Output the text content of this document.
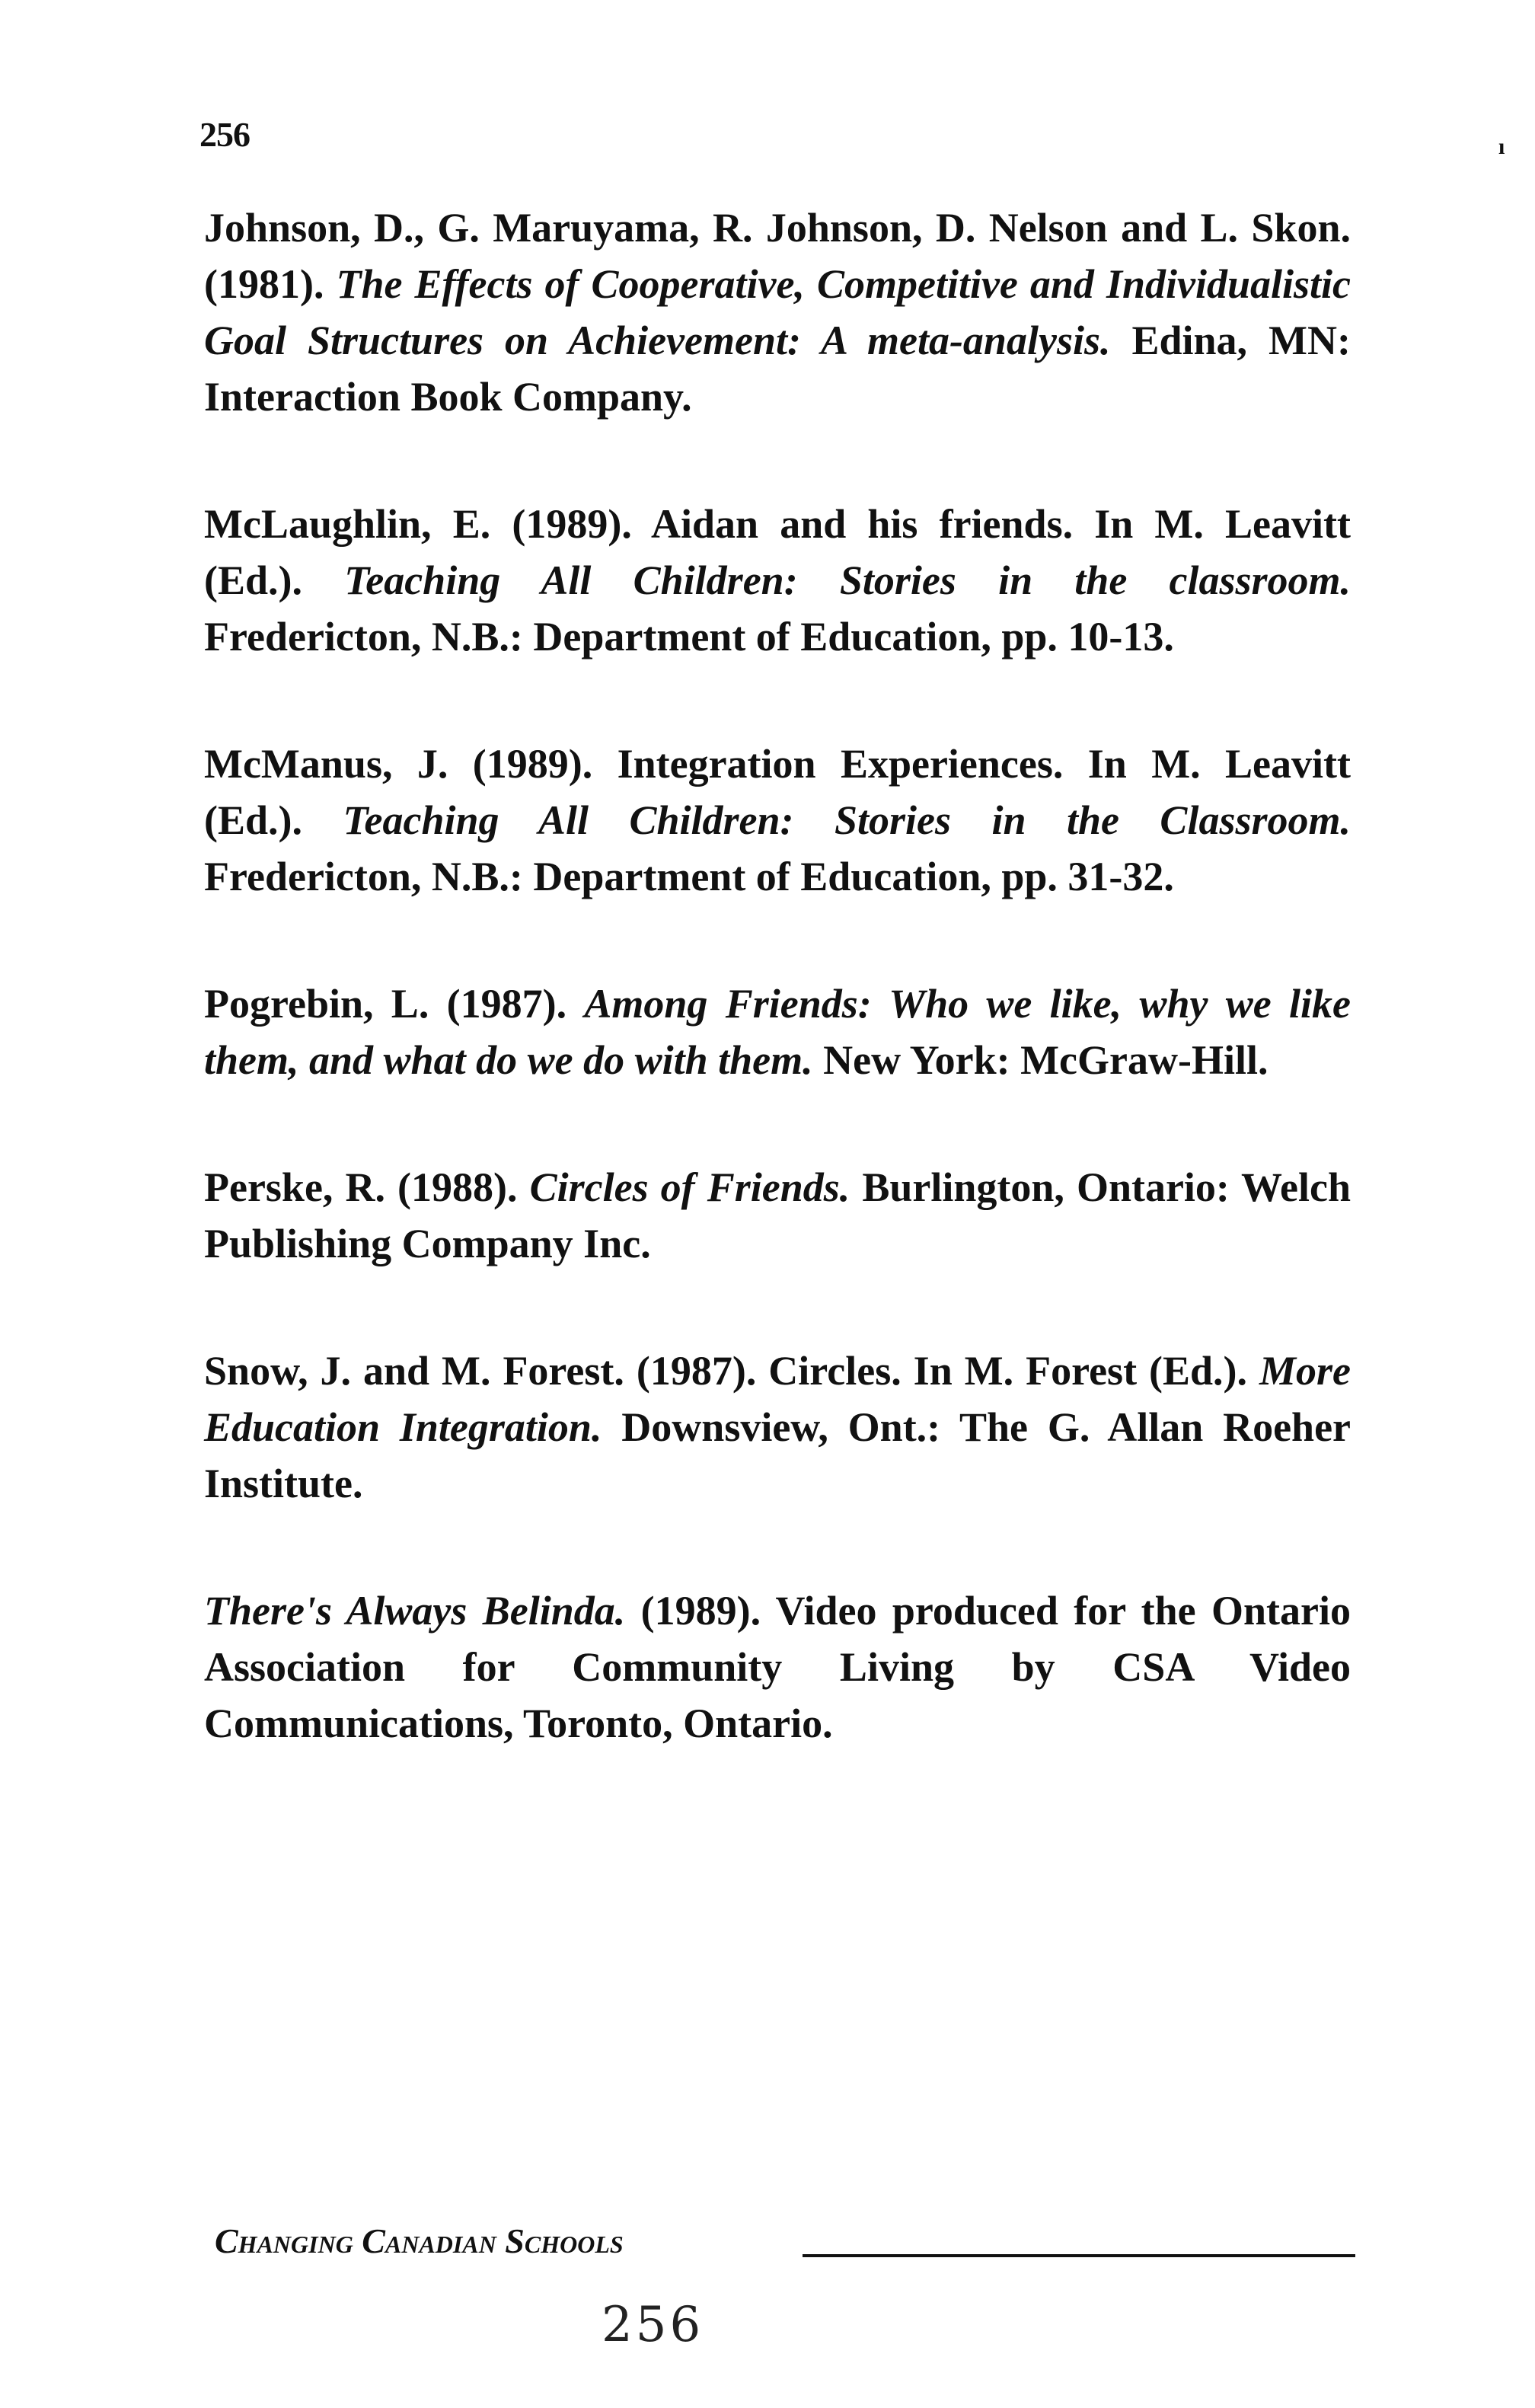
256	ı

Johnson, D., G. Maruyama, R. Johnson, D. Nelson and L. Skon. (1981). The Effects of Cooperative, Competitive and Individualistic Goal Structures on Achievement: A meta-analysis. Edina, MN: Interaction Book Company.

McLaughlin, E. (1989). Aidan and his friends. In M. Leavitt (Ed.). Teaching All Children: Stories in the classroom. Fredericton, N.B.: Department of Education, pp. 10-13.

McManus, J. (1989). Integration Experiences. In M. Leavitt (Ed.). Teaching All Children: Stories in the Classroom. Fredericton, N.B.: Department of Education, pp. 31-32.

Pogrebin, L. (1987). Among Friends: Who we like, why we like them, and what do we do with them. New York: McGraw-Hill.

Perske, R. (1988). Circles of Friends. Burlington, Ontario: Welch Publishing Company Inc.

Snow, J. and M. Forest. (1987). Circles. In M. Forest (Ed.). More Education Integration. Downsview, Ont.: The G. Allan Roeher Institute.

There's Always Belinda. (1989). Video produced for the Ontario Association for Community Living by CSA Video Communications, Toronto, Ontario.

Changing Canadian Schools
256
